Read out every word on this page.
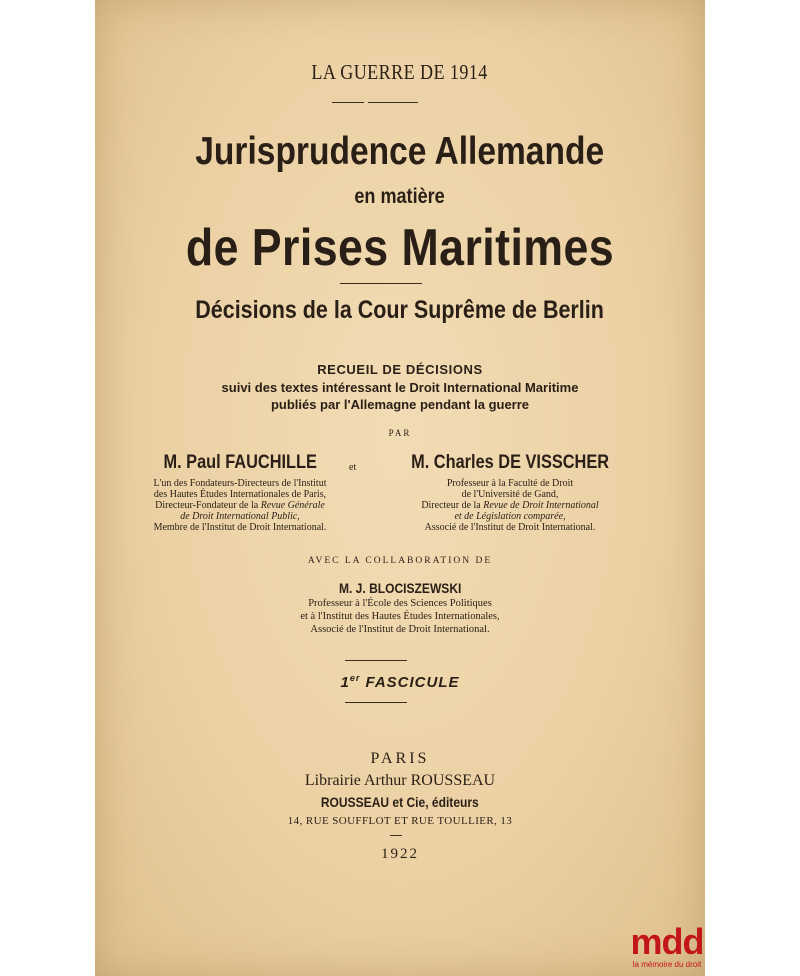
LA GUERRE DE 1914
Jurisprudence Allemande
en matière
de Prises Maritimes
Décisions de la Cour Suprême de Berlin
RECUEIL DE DÉCISIONS
suivi des textes intéressant le Droit International Maritime
publiés par l'Allemagne pendant la guerre
PAR
M. Paul FAUCHILLE
L'un des Fondateurs-Directeurs de l'Institut
des Hautes Études Internationales de Paris,
Directeur-Fondateur de la Revue Générale
de Droit International Public,
Membre de l'Institut de Droit International.
et	M. Charles DE VISSCHER
Professeur à la Faculté de Droit
de l'Université de Gand,
Directeur de la Revue de Droit International
et de Législation comparée,
Associé de l'Institut de Droit International.
AVEC LA COLLABORATION DE
M. J. BLOCISZEWSKI
Professeur à l'École des Sciences Politiques
et à l'Institut des Hautes Études Internationales,
Associé de l'Institut de Droit International.
1er FASCICULE
PARIS
Librairie Arthur ROUSSEAU
ROUSSEAU et Cie, éditeurs
14, RUE SOUFFLOT ET RUE TOULLIER, 13
1922
mdd
la mémoire du droit
